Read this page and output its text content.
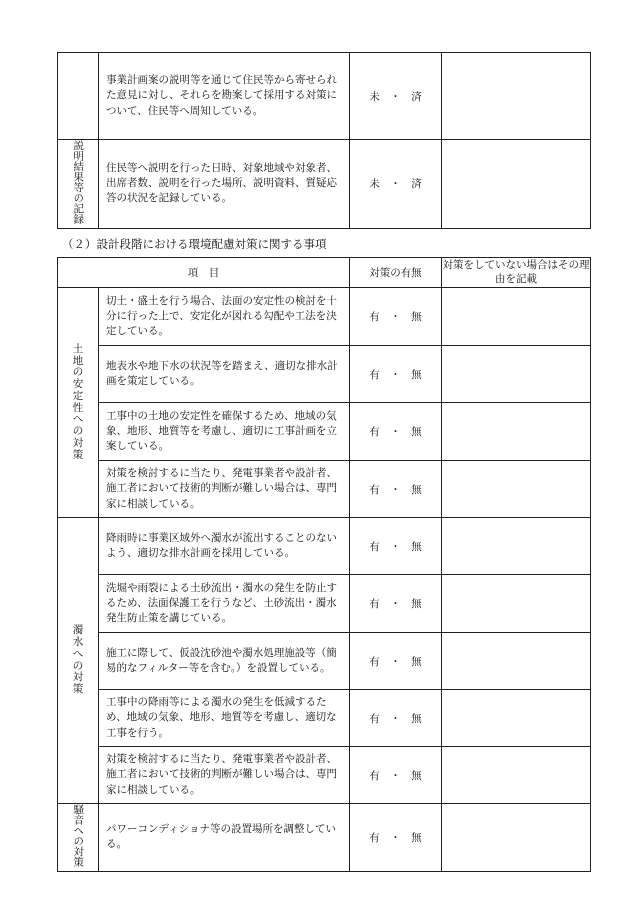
	事業計画案の説明等を通じて住民等から寄せられた意見に対し、それらを勘案して採用する対策について、住民等へ周知している。	未　・　済	
説明結果等の記録	住民等へ説明を行った日時、対象地域や対象者、出席者数、説明を行った場所、説明資料、質疑応答の状況を記録している。	未　・　済	
（２）設計段階における環境配慮対策に関する事項
項　目		対策の有無	対策をしていない場合はその理由を記載
土地の安定性への対策	切土・盛土を行う場合、法面の安定性の検討を十分に行った上で、安定化が図れる勾配や工法を決定している。	有　・　無	
	地表水や地下水の状況等を踏まえ、適切な排水計画を策定している。	有　・　無	
	工事中の土地の安定性を確保するため、地域の気象、地形、地質等を考慮し、適切に工事計画を立案している。	有　・　無	
	対策を検討するに当たり、発電事業者や設計者、施工者において技術的判断が難しい場合は、専門家に相談している。	有　・　無	
濁水への対策	降雨時に事業区域外へ濁水が流出することのないよう、適切な排水計画を採用している。	有　・　無	
	洗堀や雨裂による土砂流出・濁水の発生を防止するため、法面保護工を行うなど、土砂流出・濁水発生防止策を講じている。	有　・　無	
	施工に際して、仮設沈砂池や濁水処理施設等（簡易的なフィルター等を含む。）を設置している。	有　・　無	
	工事中の降雨等による濁水の発生を低減するため、地域の気象、地形、地質等を考慮し、適切な工事を行う。	有　・　無	
	対策を検討するに当たり、発電事業者や設計者、施工者において技術的判断が難しい場合は、専門家に相談している。	有　・　無	
騒音への対策	パワーコンディショナ等の設置場所を調整している。	有　・　無	
